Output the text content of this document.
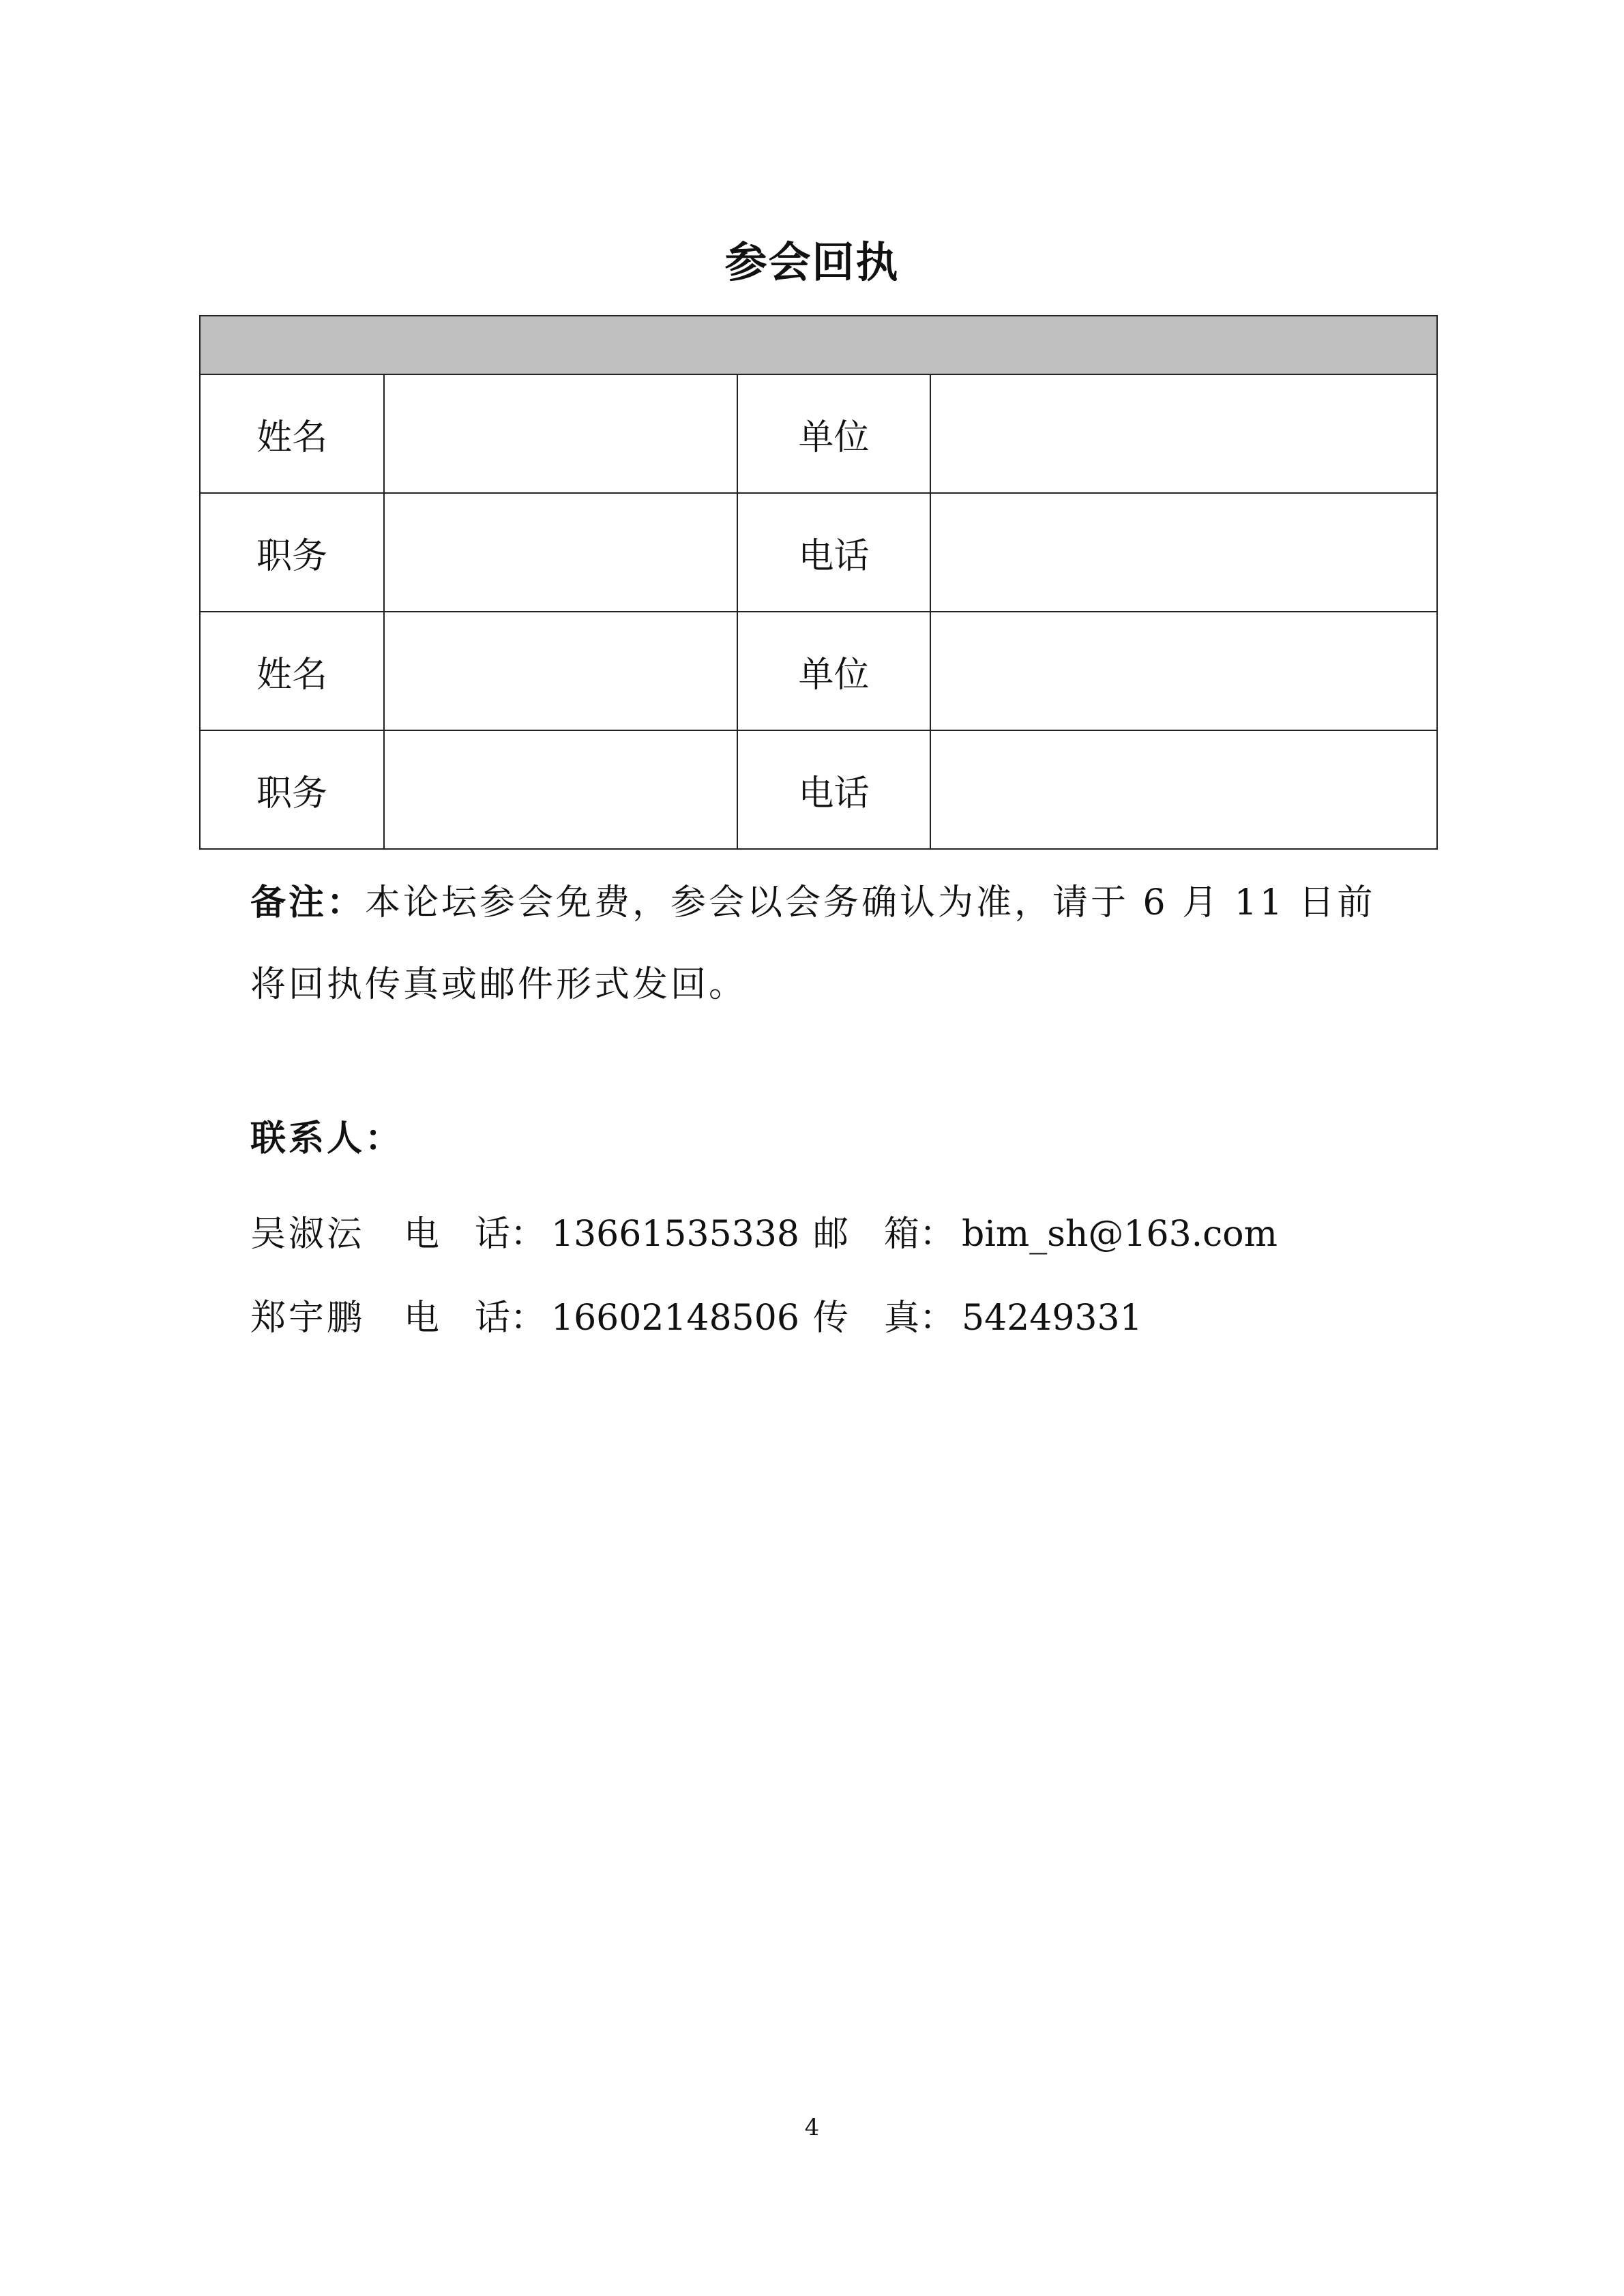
参会回执

姓名		单位	
职务		电话	
姓名		单位	
职务		电话	
备注：本论坛参会免费，参会以会务确认为准，请于 6 月 11 日前将回执传真或邮件形式发回。
联系人：
吴淑沄 电　话： 13661535338 邮　箱： bim_sh@163.com
郑宇鹏 电　话： 16602148506 传　真： 54249331
4
